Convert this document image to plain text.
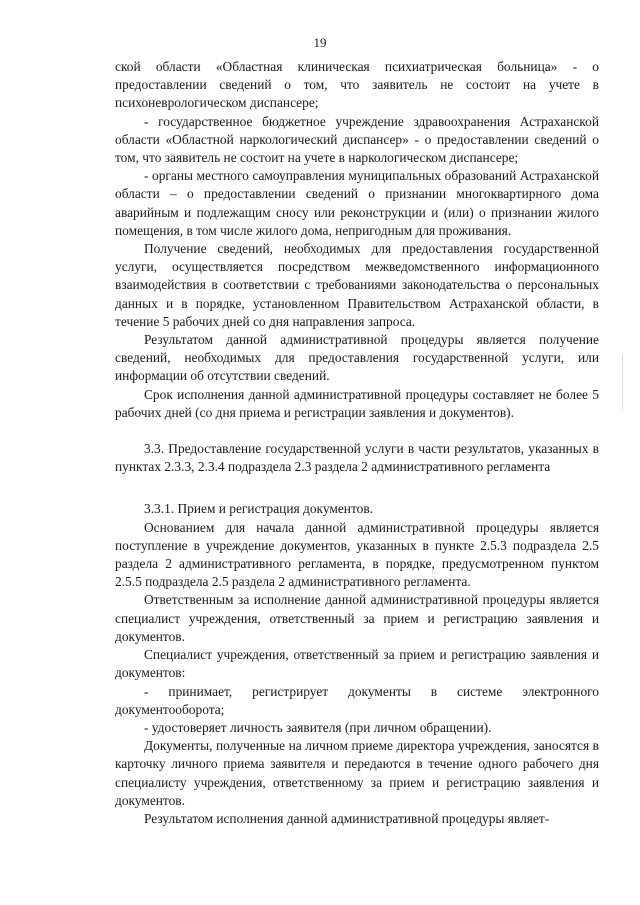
19

ской области «Областная клиническая психиатрическая больница» - о предоставлении сведений о том, что заявитель не состоит на учете в психоневрологическом диспансере;

- государственное бюджетное учреждение здравоохранения Астраханской области «Областной наркологический диспансер» - о предоставлении сведений о том, что заявитель не состоит на учете в наркологическом диспансере;

- органы местного самоуправления муниципальных образований Астраханской области – о предоставлении сведений о признании многоквартирного дома аварийным и подлежащим сносу или реконструкции и (или) о признании жилого помещения, в том числе жилого дома, непригодным для проживания.

Получение сведений, необходимых для предоставления государственной услуги, осуществляется посредством межведомственного информационного взаимодействия в соответствии с требованиями законодательства о персональных данных и в порядке, установленном Правительством Астраханской области, в течение 5 рабочих дней со дня направления запроса.

Результатом данной административной процедуры является получение сведений, необходимых для предоставления государственной услуги, или информации об отсутствии сведений.

Срок исполнения данной административной процедуры составляет не более 5 рабочих дней (со дня приема и регистрации заявления и документов).

3.3. Предоставление государственной услуги в части результатов, указанных в пунктах 2.3.3, 2.3.4 подраздела 2.3 раздела 2 административного регламента

3.3.1. Прием и регистрация документов.

Основанием для начала данной административной процедуры является поступление в учреждение документов, указанных в пункте 2.5.3 подраздела 2.5 раздела 2 административного регламента, в порядке, предусмотренном пунктом 2.5.5 подраздела 2.5 раздела 2 административного регламента.

Ответственным за исполнение данной административной процедуры является специалист учреждения, ответственный за прием и регистрацию заявления и документов.

Специалист учреждения, ответственный за прием и регистрацию заявления и документов:

- принимает, регистрирует документы в системе электронного документооборота;

- удостоверяет личность заявителя (при личном обращении).

Документы, полученные на личном приеме директора учреждения, заносятся в карточку личного приема заявителя и передаются в течение одного рабочего дня специалисту учреждения, ответственному за прием и регистрацию заявления и документов.

Результатом исполнения данной административной процедуры являет-
